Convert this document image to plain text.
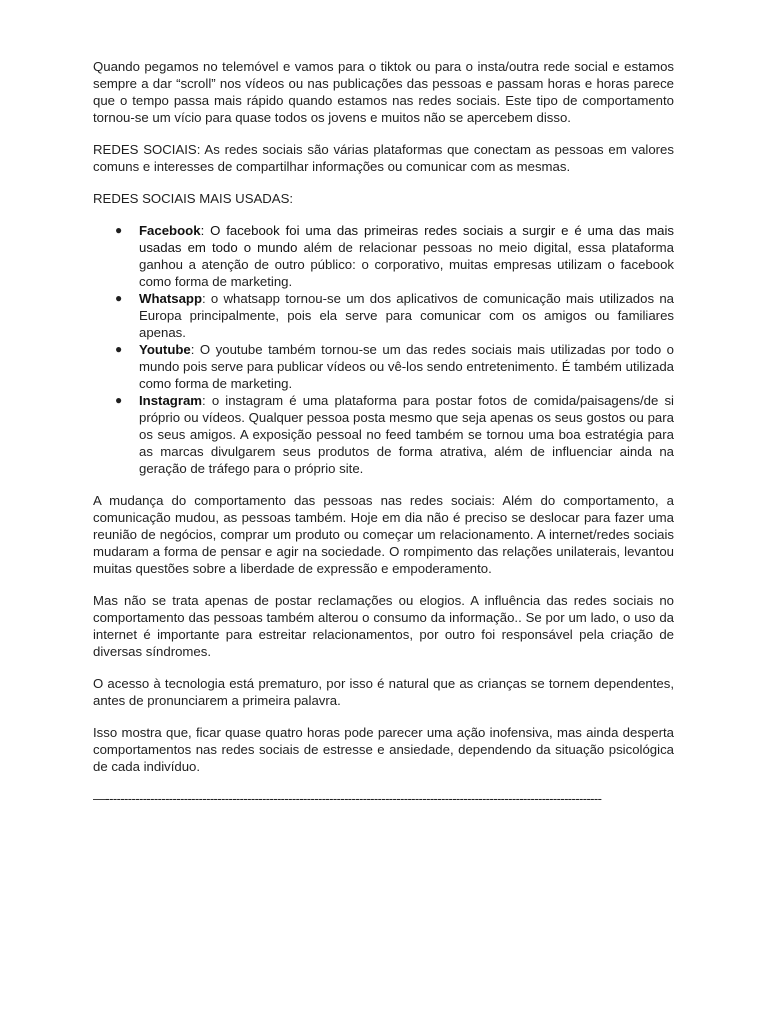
Quando pegamos no telemóvel e vamos para o tiktok ou para o insta/outra rede social e estamos sempre a dar “scroll” nos vídeos ou nas publicações das pessoas e passam horas e horas parece que o tempo passa mais rápido quando estamos nas redes sociais. Este tipo de comportamento tornou-se um vício para quase todos os jovens e muitos não se apercebem disso.

REDES SOCIAIS: As redes sociais são várias plataformas que conectam as pessoas em valores comuns e interesses de compartilhar informações ou comunicar com as mesmas.

REDES SOCIAIS MAIS USADAS:

● Facebook: O facebook foi uma das primeiras redes sociais a surgir e é uma das mais usadas em todo o mundo além de relacionar pessoas no meio digital, essa plataforma ganhou a atenção de outro público: o corporativo, muitas empresas utilizam o facebook como forma de marketing.
● Whatsapp: o whatsapp tornou-se um dos aplicativos de comunicação mais utilizados na Europa principalmente, pois ela serve para comunicar com os amigos ou familiares apenas.
● Youtube: O youtube também tornou-se um das redes sociais mais utilizadas por todo o mundo pois serve para publicar vídeos ou vê-los sendo entretenimento. É também utilizada como forma de marketing.
● Instagram: o instagram é uma plataforma para postar fotos de comida/paisagens/de si próprio ou vídeos. Qualquer pessoa posta mesmo que seja apenas os seus gostos ou para os seus amigos. A exposição pessoal no feed também se tornou uma boa estratégia para as marcas divulgarem seus produtos de forma atrativa, além de influenciar ainda na geração de tráfego para o próprio site.

A mudança do comportamento das pessoas nas redes sociais: Além do comportamento, a comunicação mudou, as pessoas também. Hoje em dia não é preciso se deslocar para fazer uma reunião de negócios, comprar um produto ou começar um relacionamento. A internet/redes sociais mudaram a forma de pensar e agir na sociedade. O rompimento das relações unilaterais, levantou muitas questões sobre a liberdade de expressão e empoderamento.

Mas não se trata apenas de postar reclamações ou elogios. A influência das redes sociais no comportamento das pessoas também alterou o consumo da informação.. Se por um lado, o uso da internet é importante para estreitar relacionamentos, por outro foi responsável pela criação de diversas síndromes.

O acesso à tecnologia está prematuro, por isso é natural que as crianças se tornem dependentes, antes de pronunciarem a primeira palavra.

Isso mostra que, ficar quase quatro horas pode parecer uma ação inofensiva, mas ainda desperta comportamentos nas redes sociais de estresse e ansiedade, dependendo da situação psicológica de cada indivíduo.

—-------------------------------------------------------------------------------------------------------------------------------------
